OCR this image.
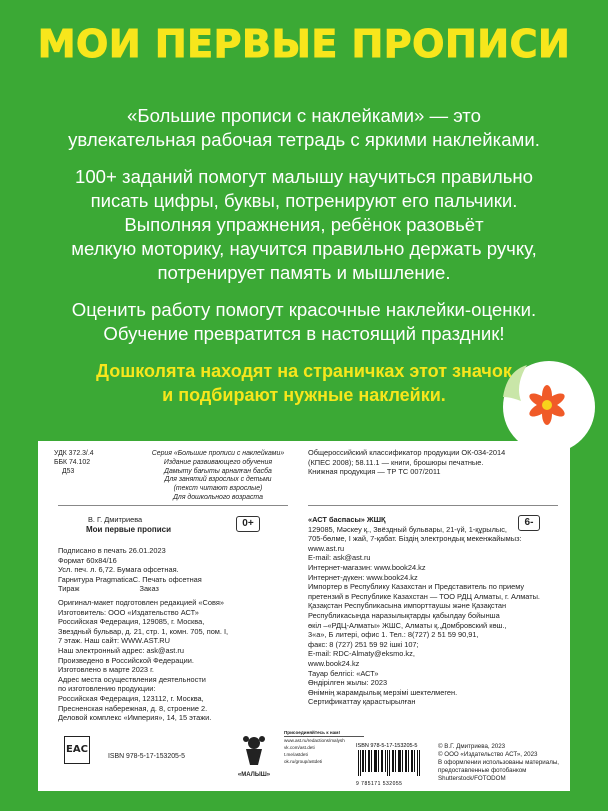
МОИ ПЕРВЫЕ ПРОПИСИ

«Большие прописи с наклейками» — это
увлекательная рабочая тетрадь с яркими наклейками.

100+ заданий помогут малышу научиться правильно
писать цифры, буквы, потренируют его пальчики.
Выполняя упражнения, ребёнок разовьёт
мелкую моторику, научится правильно держать ручку,
потренирует память и мышление.

Оценить работу помогут красочные наклейки-оценки.
Обучение превратится в настоящий праздник!

Дошколята находят на страничках этот значок
и подбирают нужные наклейки.

УДК 372.3/.4
ББК 74.102
Д53
Серия «Большие прописи с наклейками»
Издание развивающего обучения
Дамыту бағыты арналған басба
Для занятий взрослых с детьми
(текст читают взрослые)
Для дошкольного возраста
Общероссийский классификатор продукции ОК-034-2014
(КПЕС 2008); 58.11.1 — книги, брошюры печатные.
Книжная продукция — ТР ТС 007/2011
В. Г. Дмитриева
Мои первые прописи
0+
Подписано в печать 26.01.2023
Формат 60х84/16
Усл. печ. л. 6,72. Бумага офсетная.
Гарнитура PragmaticaC. Печать офсетная
Тираж	Заказ
Оригинал-макет подготовлен редакцией «Совя»
Изготовитель: ООО «Издательство АСТ»
Российская Федерация, 129085, г. Москва,
Звездный бульвар, д. 21, стр. 1, комн. 705, пом. I,
7 этаж. Наш сайт: WWW.AST.RU
Наш электронный адрес: ask@ast.ru
Произведено в Российской Федерации.
Изготовлено в марте 2023 г.
Адрес места осуществления деятельности
по изготовлению продукции:
Российская Федерация, 123112, г. Москва,
Пресненская набережная, д. 8, строение 2.
Деловой комплекс «Империя», 14, 15 этажи.
«АСТ баспасы» ЖШҚ
129085, Мәскеу қ., Звёздный бульвары, 21-үй, 1-құрылыс,
705-бөлме, I жай, 7-қабат. Біздің электрондық мекенжайымыз:
www.ast.ru
E-mail: ask@ast.ru
Интернет-магазин: www.book24.kz
Интернет-дүкен: www.book24.kz
Импортер в Республику Казахстан и Представитель по приему
претензий в Республике Казахстан — ТОО РДЦ Алматы, г. Алматы.
Қазақстан Республикасына импорттаушы және Қазақстан
Республикасында наразылықтарды қабылдау бойынша
өкіл –«РДЦ-Алматы» ЖШС, Алматы қ.,Домбровский көш.,
3«а», Б литері, офис 1. Тел.: 8(727) 2 51 59 90,91,
факс: 8 (727) 251 59 92 ішкі 107;
E-mail: RDC-Almaty@eksmo.kz,
www.book24.kz
Тауар белгісі: «АСТ»
Өндірілген жылы: 2023
Өнімнің жарамдылық мерзімі шектелмеген.
Сертификаттау қарастырылған
6-
EAC
ISBN 978-5-17-153205-5
«МАЛЫШ»
Присоединяйтесь к нам!
www.ast.ru/redactions/malysh
vk.com/ast.deti
t.me/astdeti
ok.ru/group/astdeti
ISBN 978-5-17-153205-5
9 785171 532055
© В.Г. Дмитриева, 2023
© ООО «Издательство АСТ», 2023
В оформлении использованы материалы,
предоставленные фотобанком
Shutterstock/FOTODOM
